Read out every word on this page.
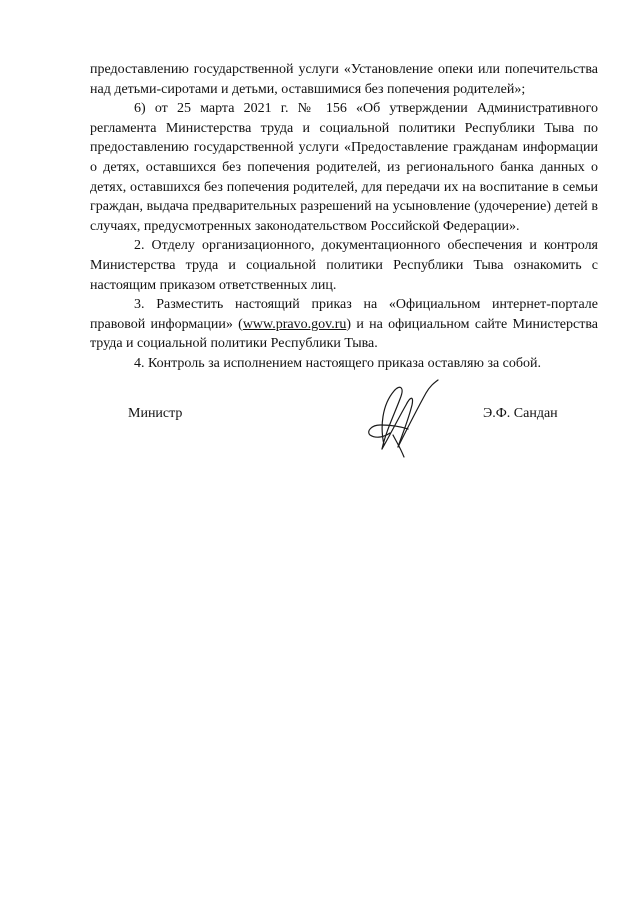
предоставлению государственной услуги «Установление опеки или попечительства над детьми-сиротами и детьми, оставшимися без попечения родителей»;

6) от 25 марта 2021 г. № 156 «Об утверждении Административного регламента Министерства труда и социальной политики Республики Тыва по предоставлению государственной услуги «Предоставление гражданам информации о детях, оставшихся без попечения родителей, из регионального банка данных о детях, оставшихся без попечения родителей, для передачи их на воспитание в семьи граждан, выдача предварительных разрешений на усыновление (удочерение) детей в случаях, предусмотренных законодательством Российской Федерации».

2. Отделу организационного, документационного обеспечения и контроля Министерства труда и социальной политики Республики Тыва ознакомить с настоящим приказом ответственных лиц.

3. Разместить настоящий приказ на «Официальном интернет-портале правовой информации» (www.pravo.gov.ru) и на официальном сайте Министерства труда и социальной политики Республики Тыва.

4. Контроль за исполнением настоящего приказа оставляю за собой.

Министр	Э.Ф. Сандан
